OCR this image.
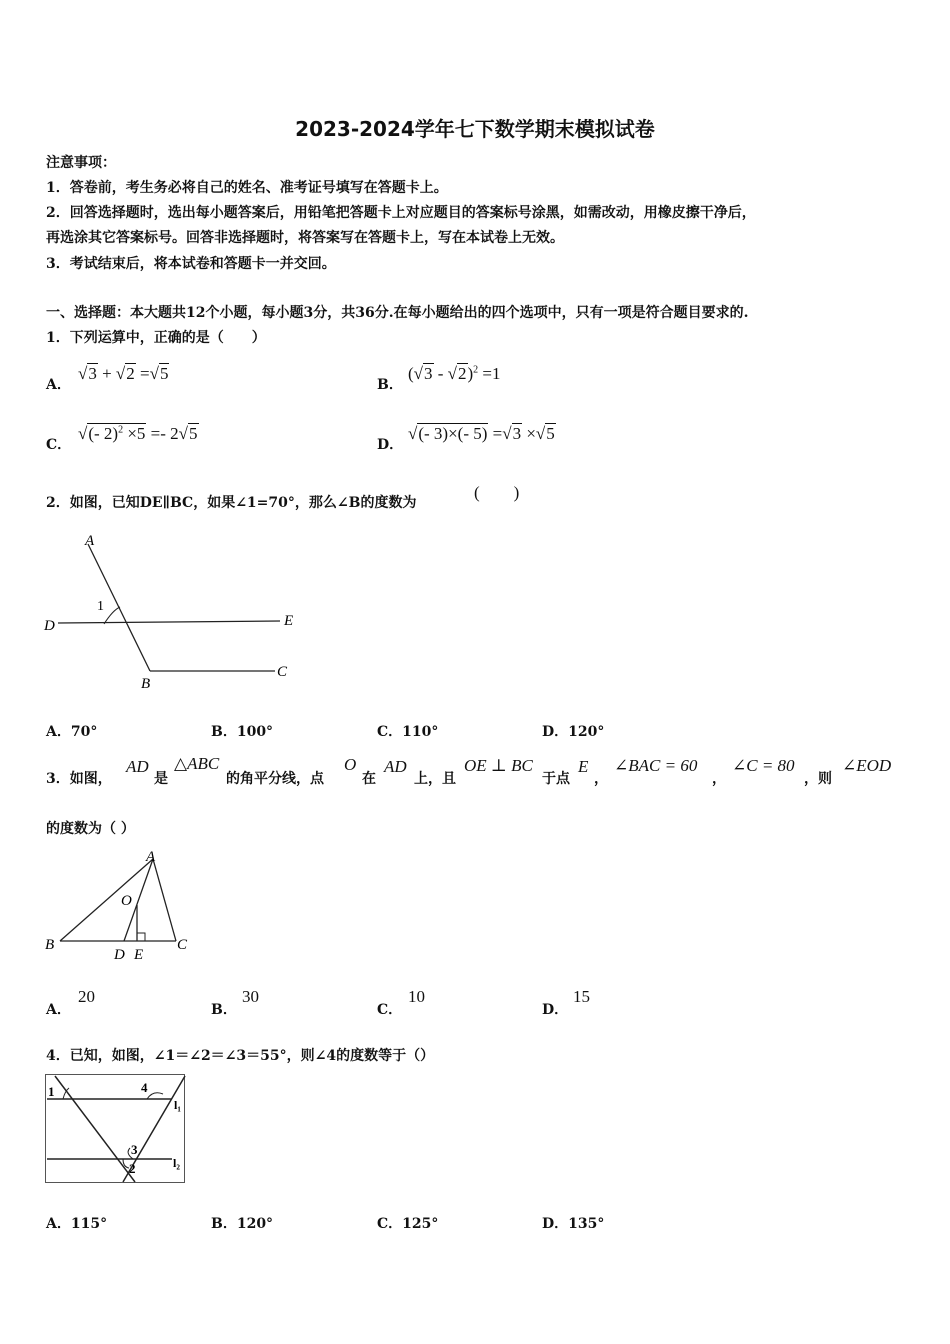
2023-2024学年七下数学期末模拟试卷
注意事项：
1．答卷前，考生务必将自己的姓名、准考证号填写在答题卡上。
2．回答选择题时，选出每小题答案后，用铅笔把答题卡上对应题目的答案标号涂黑，如需改动，用橡皮擦干净后，
再选涂其它答案标号。回答非选择题时，将答案写在答题卡上，写在本试卷上无效。
3．考试结束后，将本试卷和答题卡一并交回。
一、选择题：本大题共12个小题，每小题3分，共36分.在每小题给出的四个选项中，只有一项是符合题目要求的.
1．下列运算中，正确的是（　　）
A．
√3 + √2 =√5
B．
(√3 - √2)$^2$ =1
C．
√(- 2)$^2$ ×5 =- 2√5
D．
√(- 3)×(- 5) =√3 ×√5
2．如图，已知DE∥BC，如果∠1=70°，那么∠B的度数为
(　　)
A
1
D	E
B
C
A．70°	B．100°	C．110°	D．120°
3．如图，
AD
是
△ABC
的角平分线，点
O
在
AD
上，且
OE ⊥ BC
于点
E
，
∠BAC = 60
，
∠C = 80
，则
∠EOD
的度数为（ ）
A
O
B
D E
C
A．
20
B．
30
C．
10
D．
15
4．已知，如图，∠1＝∠2＝∠3＝55°，则∠4的度数等于（）
1	4
l₁
3
2	l₂
A．115°	B．120°	C．125°	D．135°
